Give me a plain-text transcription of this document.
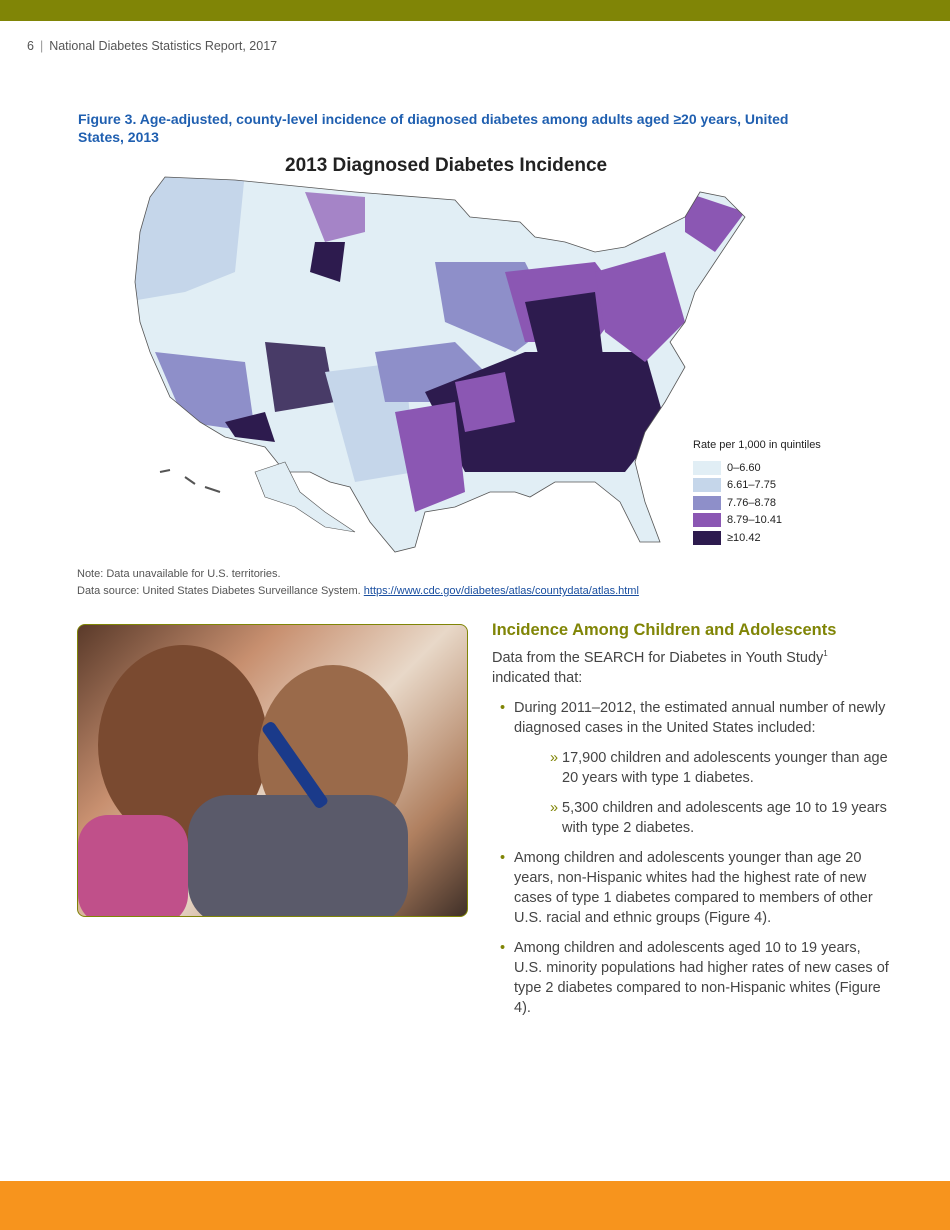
6 | National Diabetes Statistics Report, 2017
Figure 3. Age-adjusted, county-level incidence of diagnosed diabetes among adults aged ≥20 years, United States, 2013
2013 Diagnosed Diabetes Incidence
Rate per 1,000 in quintiles
0–6.60
6.61–7.75
7.76–8.78
8.79–10.41
≥10.42
Note: Data unavailable for U.S. territories.
Data source: United States Diabetes Surveillance System. https://www.cdc.gov/diabetes/atlas/countydata/atlas.html
Incidence Among Children and Adolescents

Data from the SEARCH for Diabetes in Youth Study$^1$
indicated that:

• During 2011–2012, the estimated annual number of newly diagnosed cases in the United States included:
» 17,900 children and adolescents younger than age 20 years with type 1 diabetes.
» 5,300 children and adolescents age 10 to 19 years with type 2 diabetes.
• Among children and adolescents younger than age 20 years, non-Hispanic whites had the highest rate of new cases of type 1 diabetes compared to members of other U.S. racial and ethnic groups (Figure 4).
• Among children and adolescents aged 10 to 19 years, U.S. minority populations had higher rates of new cases of type 2 diabetes compared to non-Hispanic whites (Figure 4).
